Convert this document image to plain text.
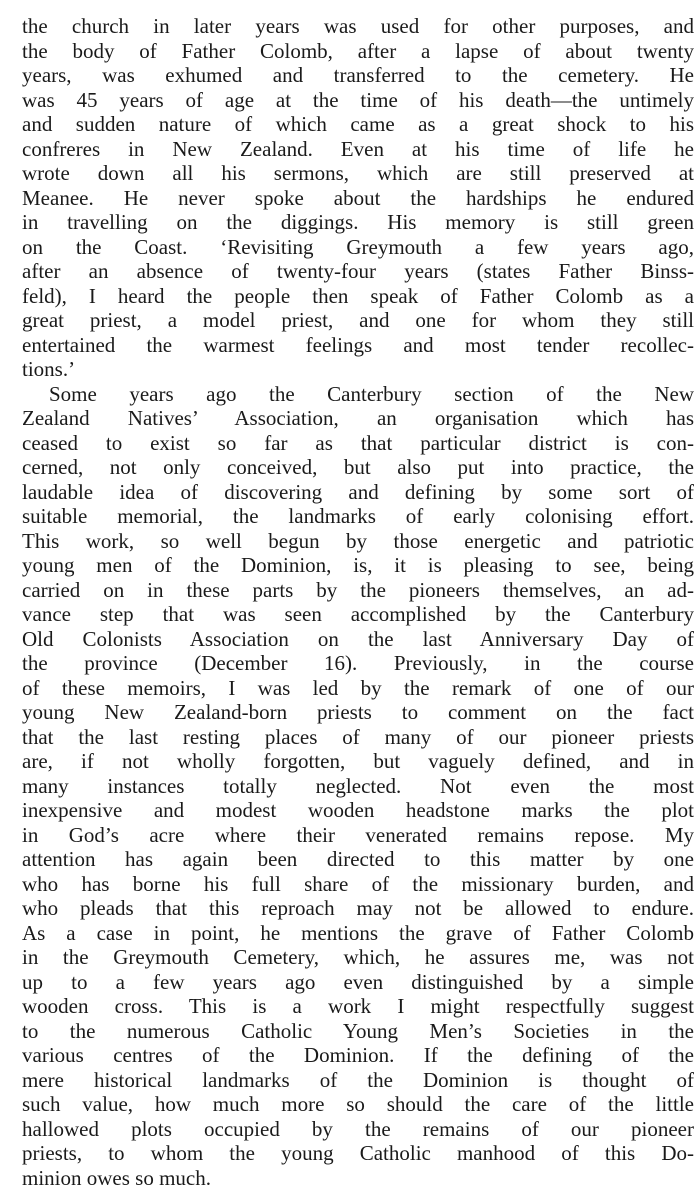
the church in later years was used for other purposes, and
the body of Father Colomb, after a lapse of about twenty
years, was exhumed and transferred to the cemetery. He
was 45 years of age at the time of his death—the untimely
and sudden nature of which came as a great shock to his
confreres in New Zealand. Even at his time of life he
wrote down all his sermons, which are still preserved at
Meanee. He never spoke about the hardships he endured
in travelling on the diggings. His memory is still green
on the Coast. ‘Revisiting Greymouth a few years ago,
after an absence of twenty-four years (states Father Binss-
feld), I heard the people then speak of Father Colomb as a
great priest, a model priest, and one for whom they still
entertained the warmest feelings and most tender recollec-
tions.’
Some years ago the Canterbury section of the New
Zealand Natives’ Association, an organisation which has
ceased to exist so far as that particular district is con-
cerned, not only conceived, but also put into practice, the
laudable idea of discovering and defining by some sort of
suitable memorial, the landmarks of early colonising effort.
This work, so well begun by those energetic and patriotic
young men of the Dominion, is, it is pleasing to see, being
carried on in these parts by the pioneers themselves, an ad-
vance step that was seen accomplished by the Canterbury
Old Colonists Association on the last Anniversary Day of
the province (December 16). Previously, in the course
of these memoirs, I was led by the remark of one of our
young New Zealand-born priests to comment on the fact
that the last resting places of many of our pioneer priests
are, if not wholly forgotten, but vaguely defined, and in
many instances totally neglected. Not even the most
inexpensive and modest wooden headstone marks the plot
in God’s acre where their venerated remains repose. My
attention has again been directed to this matter by one
who has borne his full share of the missionary burden, and
who pleads that this reproach may not be allowed to endure.
As a case in point, he mentions the grave of Father Colomb
in the Greymouth Cemetery, which, he assures me, was not
up to a few years ago even distinguished by a simple
wooden cross. This is a work I might respectfully suggest
to the numerous Catholic Young Men’s Societies in the
various centres of the Dominion. If the defining of the
mere historical landmarks of the Dominion is thought of
such value, how much more so should the care of the little
hallowed plots occupied by the remains of our pioneer
priests, to whom the young Catholic manhood of this Do-
minion owes so much.
